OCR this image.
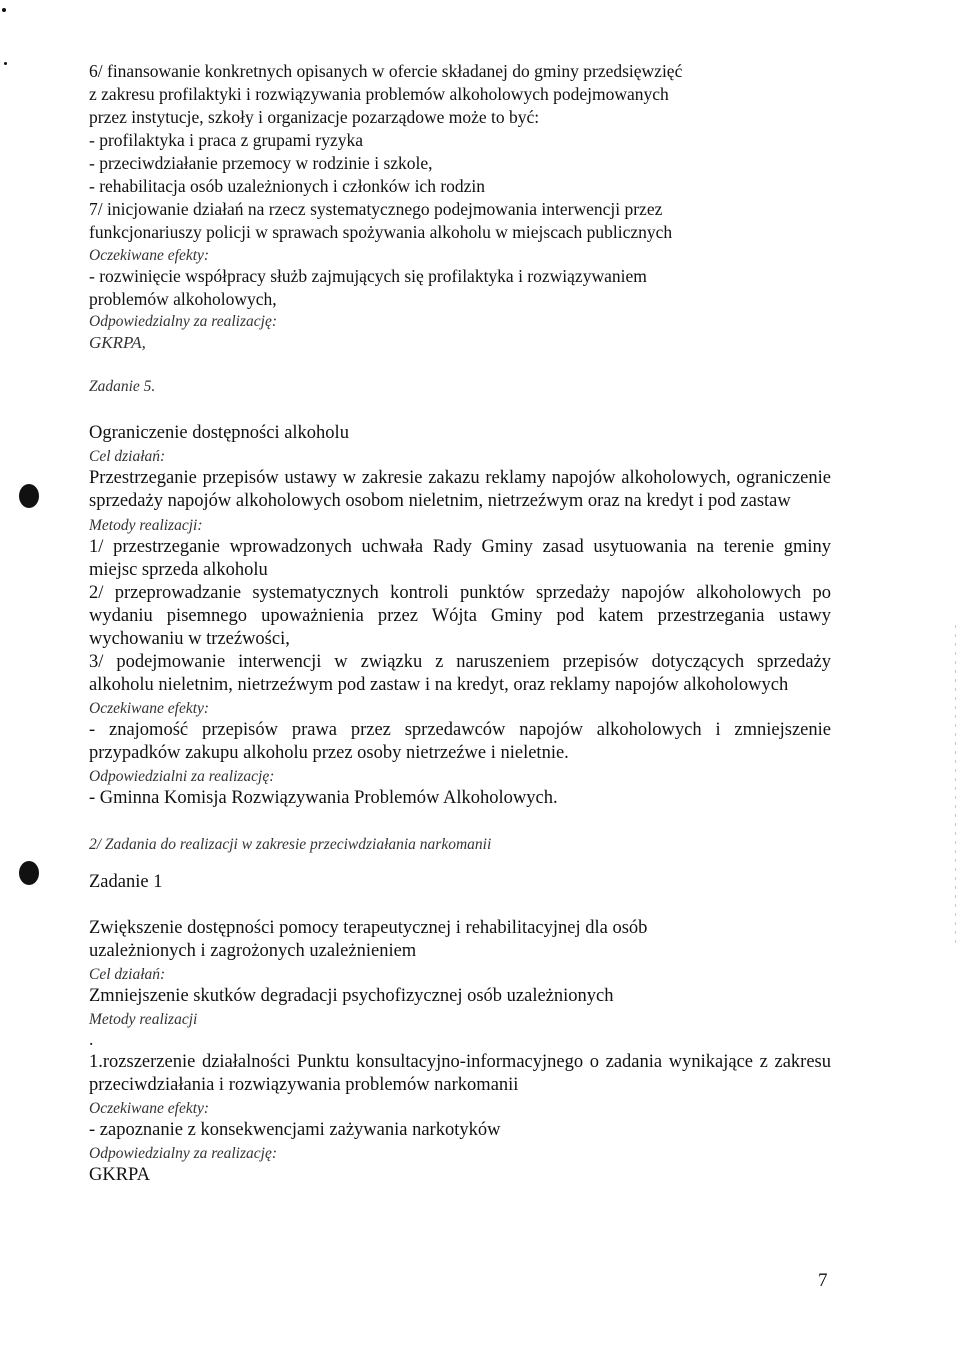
6/ finansowanie konkretnych opisanych w ofercie składanej do gminy przedsięwzięć
z zakresu profilaktyki i rozwiązywania problemów alkoholowych podejmowanych
przez instytucje, szkoły i organizacje pozarządowe może to być:
- profilaktyka i praca z grupami ryzyka
- przeciwdziałanie przemocy w rodzinie i szkole,
- rehabilitacja osób uzależnionych i członków ich rodzin
7/ inicjowanie działań na rzecz systematycznego podejmowania interwencji przez
funkcjonariuszy policji w sprawach spożywania alkoholu w miejscach publicznych
Oczekiwane efekty:
- rozwinięcie współpracy służb zajmujących się profilaktyka i rozwiązywaniem
problemów alkoholowych,
Odpowiedzialny za realizację:
GKRPA,
Zadanie 5.
Ograniczenie dostępności alkoholu
Cel działań:
Przestrzeganie przepisów ustawy w zakresie zakazu reklamy napojów alkoholowych, ograniczenie
sprzedaży napojów alkoholowych osobom nieletnim, nietrzeźwym oraz na kredyt i pod zastaw
Metody realizacji:
1/ przestrzeganie wprowadzonych uchwała Rady Gminy zasad usytuowania na terenie gminy
miejsc sprzeda alkoholu
2/ przeprowadzanie systematycznych kontroli punktów sprzedaży napojów alkoholowych po
wydaniu pisemnego upoważnienia przez Wójta Gminy pod katem przestrzegania ustawy
wychowaniu w trzeźwości,
3/ podejmowanie interwencji w związku z naruszeniem przepisów dotyczących sprzedaży
alkoholu nieletnim, nietrzeźwym pod zastaw i na kredyt, oraz reklamy napojów alkoholowych
Oczekiwane efekty:
- znajomość przepisów prawa przez sprzedawców napojów alkoholowych i zmniejszenie
przypadków zakupu alkoholu przez osoby nietrzeźwe i nieletnie.
Odpowiedzialni za realizację:
- Gminna Komisja Rozwiązywania Problemów Alkoholowych.
2/ Zadania do realizacji w zakresie przeciwdziałania narkomanii
Zadanie 1
Zwiększenie dostępności pomocy terapeutycznej i rehabilitacyjnej dla osób
uzależnionych i zagrożonych uzależnieniem
Cel działań:
Zmniejszenie skutków degradacji psychofizycznej osób uzależnionych
Metody realizacji
.
1.rozszerzenie działalności Punktu konsultacyjno-informacyjnego o zadania wynikające z zakresu
przeciwdziałania i rozwiązywania problemów narkomanii
Oczekiwane efekty:
- zapoznanie z konsekwencjami zażywania narkotyków
Odpowiedzialny za realizację:
GKRPA
7
